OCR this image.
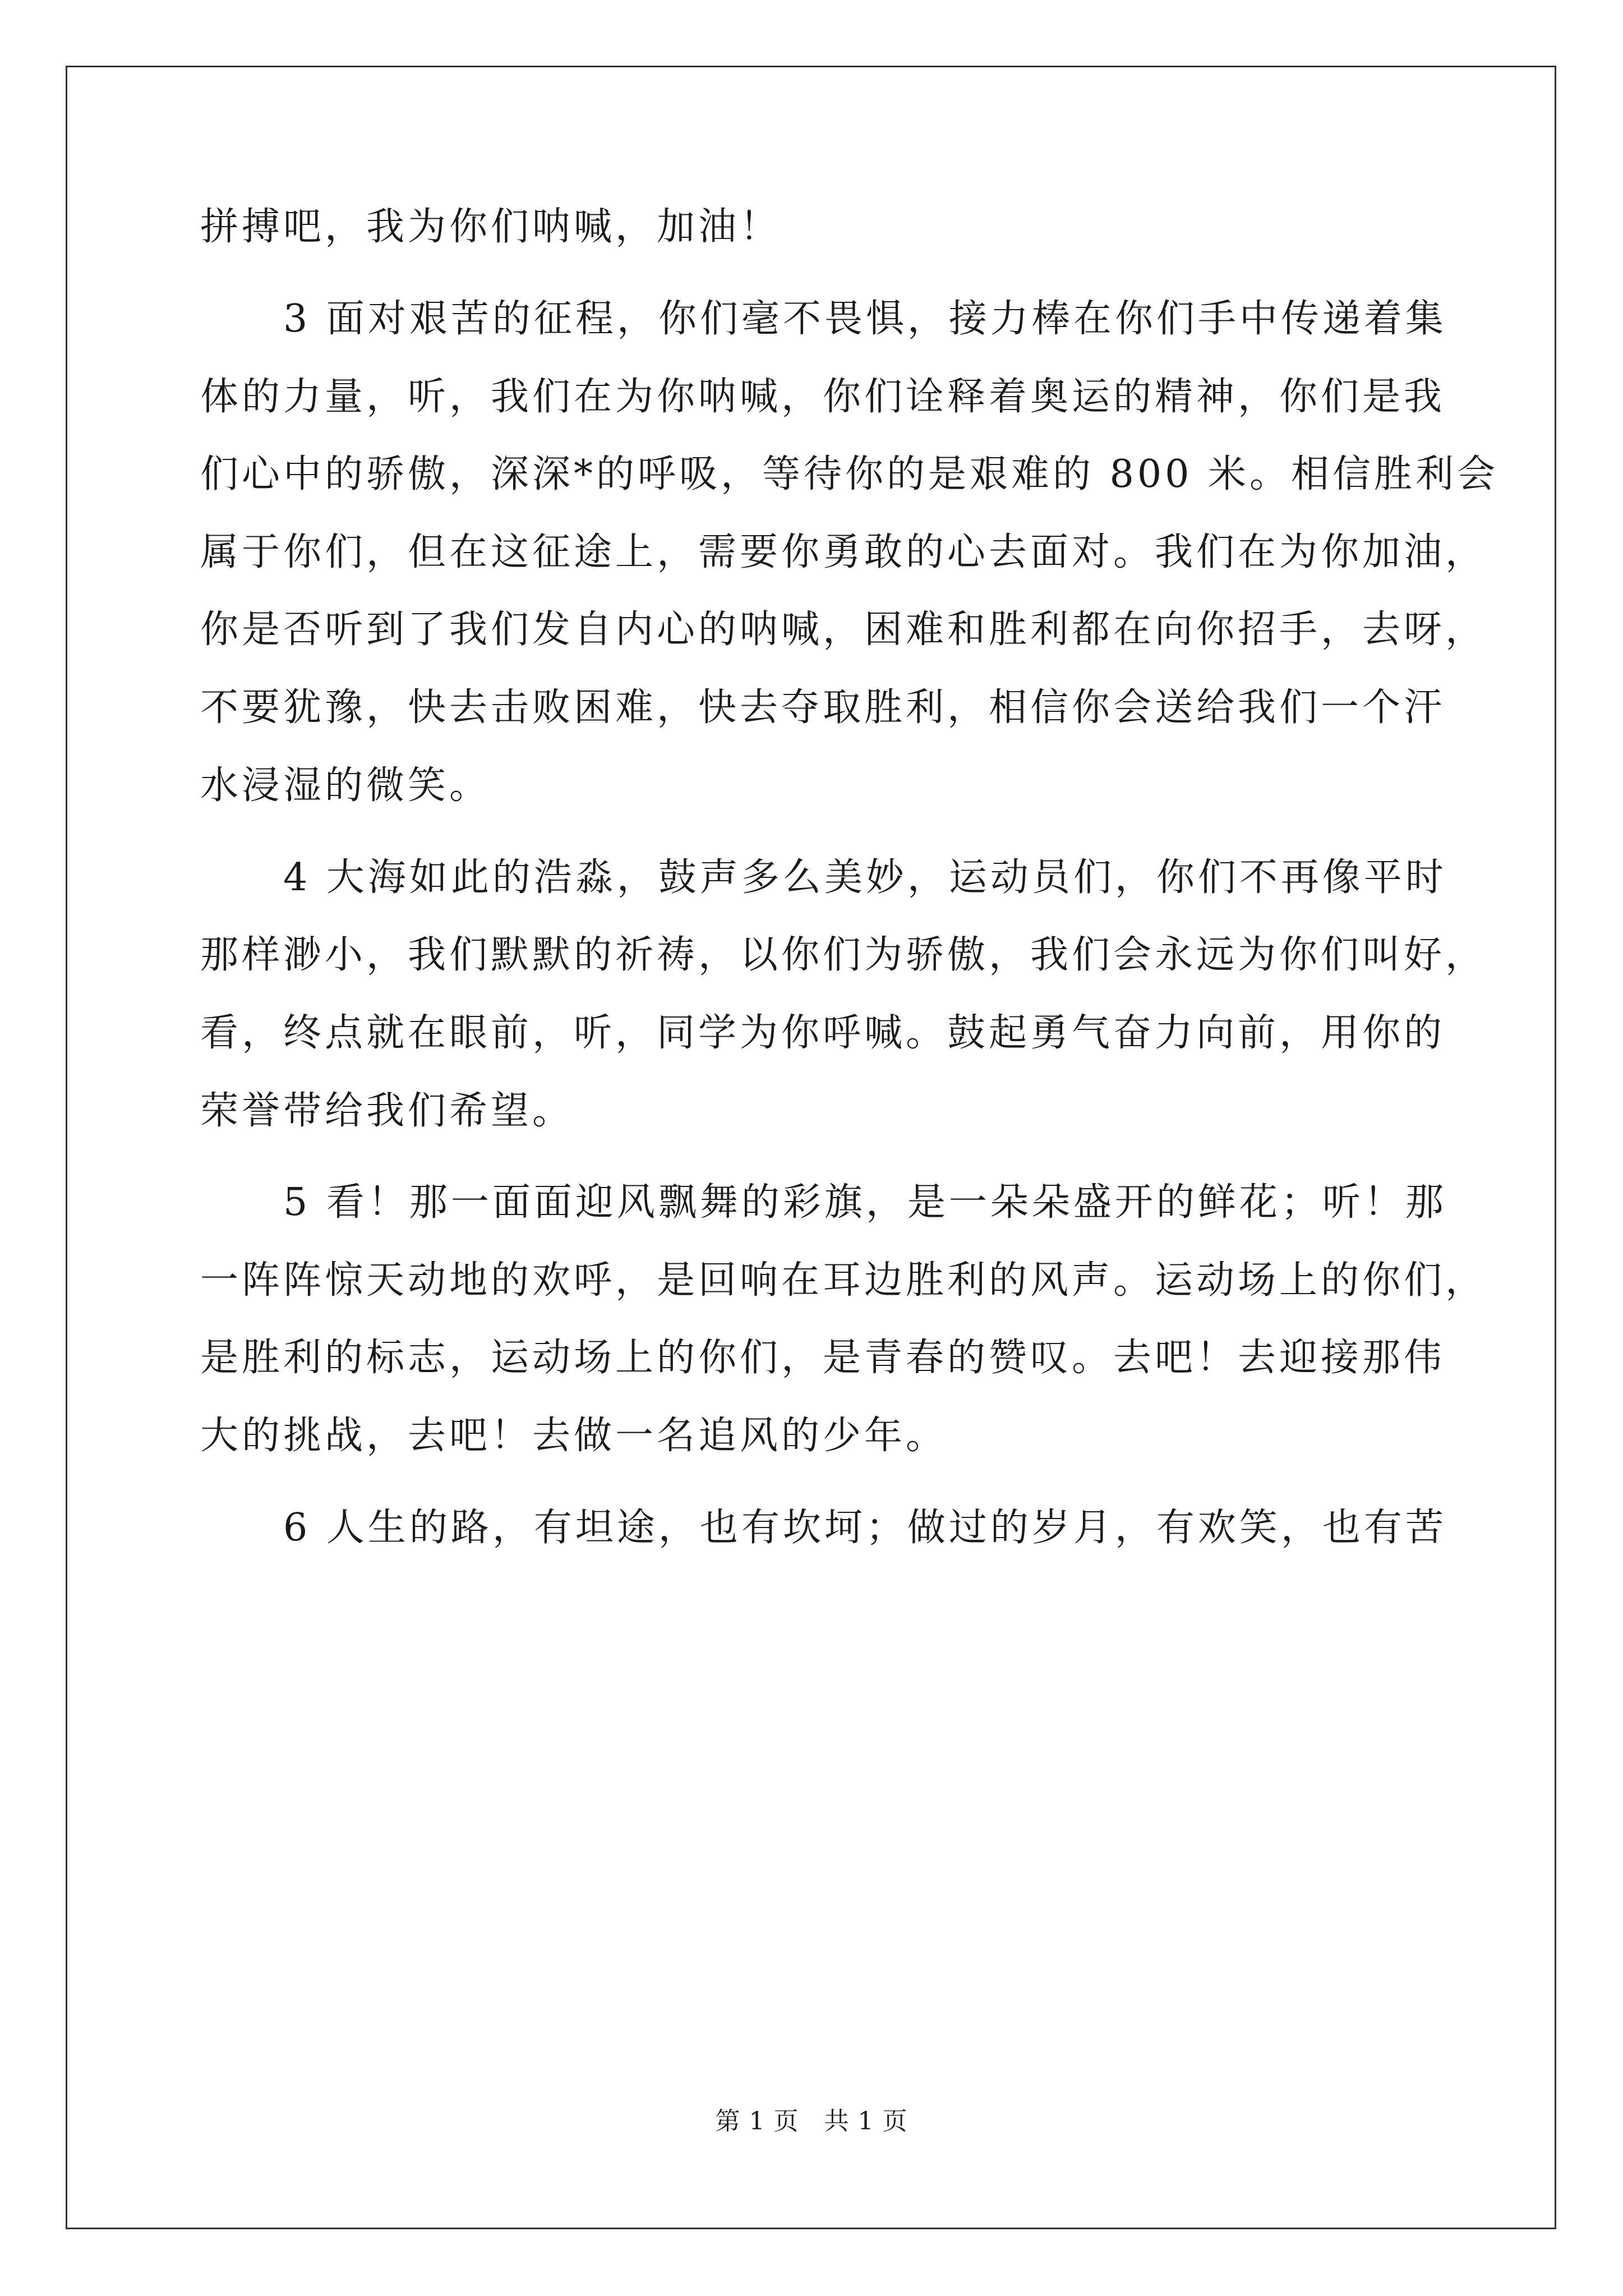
拼搏吧，我为你们呐喊，加油！
　　3 面对艰苦的征程，你们毫不畏惧，接力棒在你们手中传递着集
体的力量，听，我们在为你呐喊，你们诠释着奥运的精神，你们是我
们心中的骄傲，深深*的呼吸，等待你的是艰难的 800 米。相信胜利会
属于你们，但在这征途上，需要你勇敢的心去面对。我们在为你加油，
你是否听到了我们发自内心的呐喊，困难和胜利都在向你招手，去呀，
不要犹豫，快去击败困难，快去夺取胜利，相信你会送给我们一个汗
水浸湿的微笑。
　　4 大海如此的浩淼，鼓声多么美妙，运动员们，你们不再像平时
那样渺小，我们默默的祈祷，以你们为骄傲，我们会永远为你们叫好，
看，终点就在眼前，听，同学为你呼喊。鼓起勇气奋力向前，用你的
荣誉带给我们希望。
　　5 看！那一面面迎风飘舞的彩旗，是一朵朵盛开的鲜花；听！那
一阵阵惊天动地的欢呼，是回响在耳边胜利的风声。运动场上的你们，
是胜利的标志，运动场上的你们，是青春的赞叹。去吧！去迎接那伟
大的挑战，去吧！去做一名追风的少年。
　　6 人生的路，有坦途，也有坎坷；做过的岁月，有欢笑，也有苦
第 1 页　共 1 页
